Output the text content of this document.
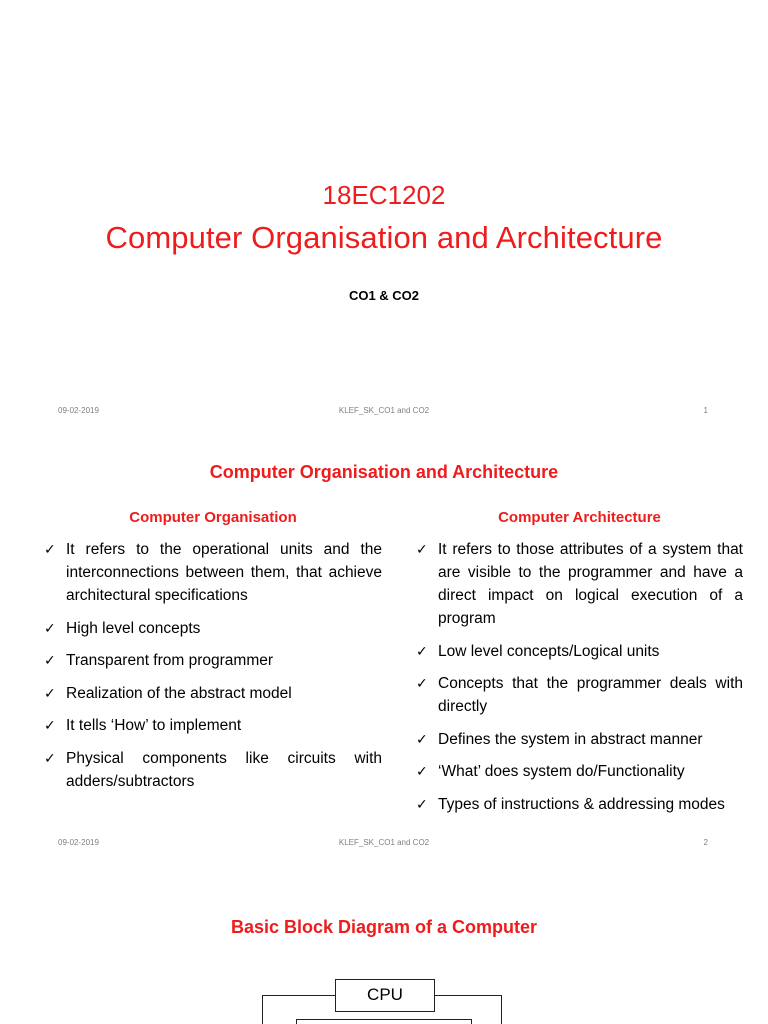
18EC1202
Computer Organisation and Architecture
CO1 & CO2
09-02-2019	KLEF_SK_CO1 and CO2	1
Computer Organisation and Architecture
Computer Organisation
✓ It refers to the operational units and the interconnections between them, that achieve architectural specifications
✓ High level concepts
✓ Transparent from programmer
✓ Realization of the abstract model
✓ It tells ‘How’ to implement
✓ Physical components like circuits with adders/subtractors
Computer Architecture
✓ It refers to those attributes of a system that are visible to the programmer and have a direct impact on logical execution of a program
✓ Low level concepts/Logical units
✓ Concepts that the programmer deals with directly
✓ Defines the system in abstract manner
✓ ‘What’ does system do/Functionality
✓ Types of instructions & addressing modes
09-02-2019	KLEF_SK_CO1 and CO2	2
Basic Block Diagram of a Computer
CPU
